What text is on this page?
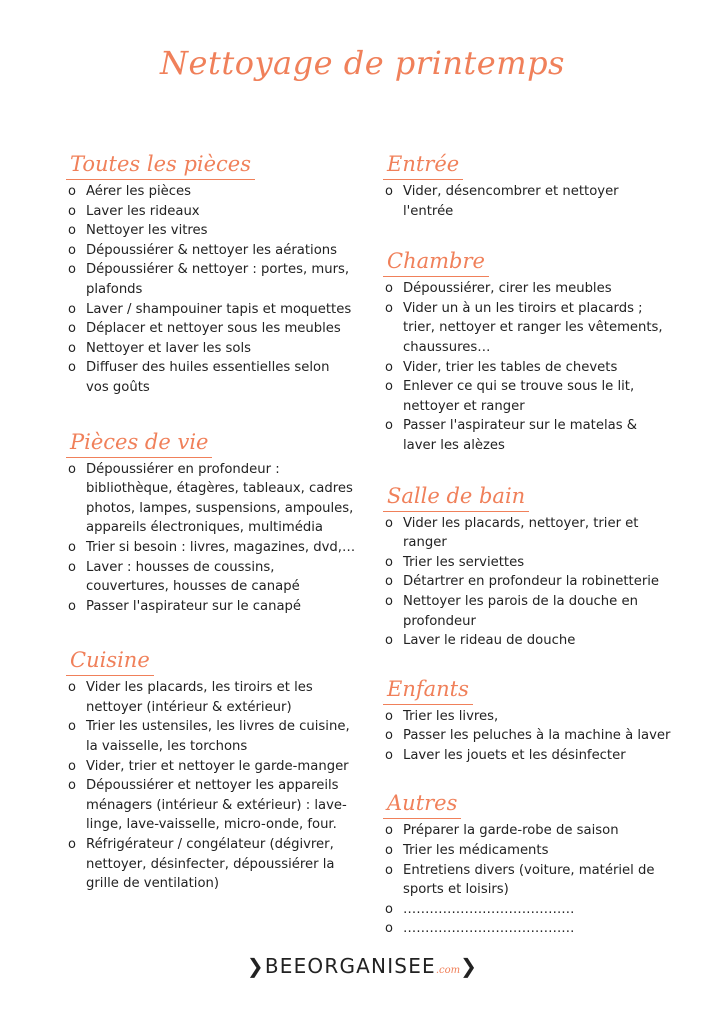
Nettoyage de printemps
Toutes les pièces
o Aérer les pièces
o Laver les rideaux
o Nettoyer les vitres
o Dépoussiérer & nettoyer les aérations
o Dépoussiérer & nettoyer : portes, murs, plafonds
o Laver / shampouiner tapis et moquettes
o Déplacer et nettoyer sous les meubles
o Nettoyer et laver les sols
o Diffuser des huiles essentielles selon vos goûts
Pièces de vie
o Dépoussiérer en profondeur : bibliothèque, étagères, tableaux, cadres photos, lampes, suspensions, ampoules, appareils électroniques, multimédia
o Trier si besoin : livres, magazines, dvd,…
o Laver : housses de coussins, couvertures, housses de canapé
o Passer l'aspirateur sur le canapé
Cuisine
o Vider les placards, les tiroirs et les nettoyer (intérieur & extérieur)
o Trier les ustensiles, les livres de cuisine, la vaisselle, les torchons
o Vider, trier et nettoyer le garde-manger
o Dépoussiérer et nettoyer les appareils ménagers (intérieur & extérieur) : lave-linge, lave-vaisselle, micro-onde, four.
o Réfrigérateur / congélateur (dégivrer, nettoyer, désinfecter, dépoussiérer la grille de ventilation)
Entrée
o Vider, désencombrer et nettoyer l'entrée
Chambre
o Dépoussiérer, cirer les meubles
o Vider un à un les tiroirs et placards ; trier, nettoyer et ranger les vêtements, chaussures…
o Vider, trier les tables de chevets
o Enlever ce qui se trouve sous le lit, nettoyer et ranger
o Passer l'aspirateur sur le matelas & laver les alèzes
Salle de bain
o Vider les placards, nettoyer, trier et ranger
o Trier les serviettes
o Détartrer en profondeur la robinetterie
o Nettoyer les parois de la douche en profondeur
o Laver le rideau de douche
Enfants
o Trier les livres,
o Passer les peluches à la machine à laver
o Laver les jouets et les désinfecter
Autres
o Préparer la garde-robe de saison
o Trier les médicaments
o Entretiens divers (voiture, matériel de sports et loisirs)
o …………………………………
o …………………………………
❯BEEORGANISEE.com❯
